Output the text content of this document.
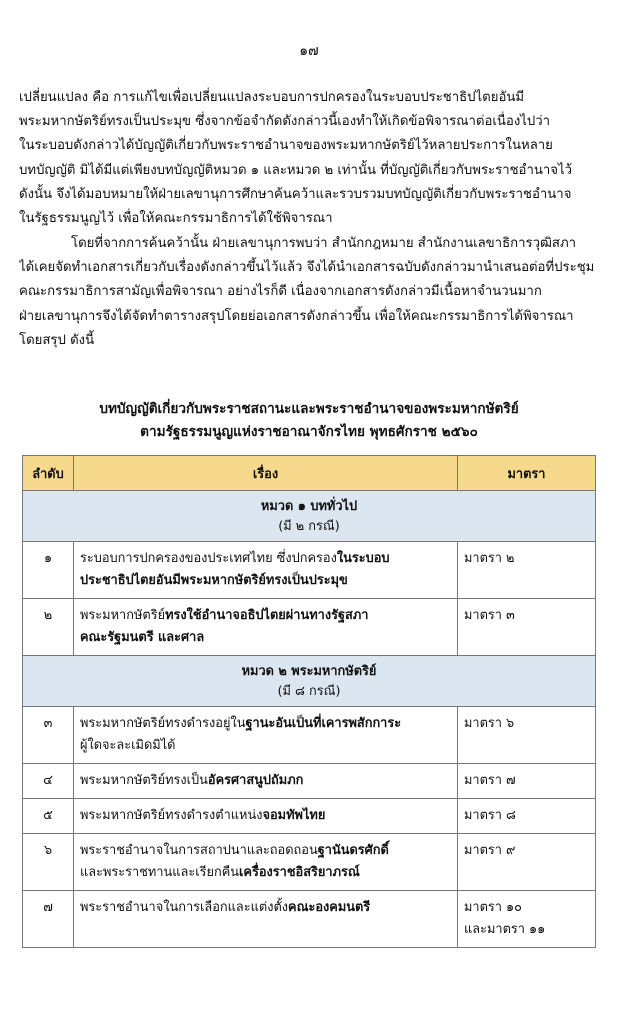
๑๗
เปลี่ยนแปลง คือ การแก้ไขเพื่อเปลี่ยนแปลงระบอบการปกครองในระบอบประชาธิปไตยอันมี
พระมหากษัตริย์ทรงเป็นประมุข ซึ่งจากข้อจำกัดดังกล่าวนี้เองทำให้เกิดข้อพิจารณาต่อเนื่องไปว่า
ในระบอบดังกล่าวได้บัญญัติเกี่ยวกับพระราชอำนาจของพระมหากษัตริย์ไว้หลายประการในหลาย
บทบัญญัติ มิได้มีแต่เพียงบทบัญญัติหมวด ๑ และหมวด ๒ เท่านั้น ที่บัญญัติเกี่ยวกับพระราชอำนาจไว้
ดังนั้น จึงได้มอบหมายให้ฝ่ายเลขานุการศึกษาค้นคว้าและรวบรวมบทบัญญัติเกี่ยวกับพระราชอำนาจ
ในรัฐธรรมนูญไว้ เพื่อให้คณะกรรมาธิการได้ใช้พิจารณา
โดยที่จากการค้นคว้านั้น ฝ่ายเลขานุการพบว่า สำนักกฎหมาย สำนักงานเลขาธิการวุฒิสภา
ได้เคยจัดทำเอกสารเกี่ยวกับเรื่องดังกล่าวขึ้นไว้แล้ว จึงได้นำเอกสารฉบับดังกล่าวมานำเสนอต่อที่ประชุม
คณะกรรมาธิการสามัญเพื่อพิจารณา อย่างไรก็ดี เนื่องจากเอกสารดังกล่าวมีเนื้อหาจำนวนมาก
ฝ่ายเลขานุการจึงได้จัดทำตารางสรุปโดยย่อเอกสารดังกล่าวขึ้น เพื่อให้คณะกรรมาธิการได้พิจารณา
โดยสรุป ดังนี้
บทบัญญัติเกี่ยวกับพระราชสถานะและพระราชอำนาจของพระมหากษัตริย์
ตามรัฐธรรมนูญแห่งราชอาณาจักรไทย พุทธศักราช ๒๕๖๐
ลำดับ	เรื่อง	มาตรา

หมวด ๑ บททั่วไป
(มี ๒ กรณี)		

๑	ระบอบการปกครองของประเทศไทย ซึ่งปกครองในระบอบ
ประชาธิปไตยอันมีพระมหากษัตริย์ทรงเป็นประมุข	มาตรา ๒
๒	พระมหากษัตริย์ทรงใช้อำนาจอธิปไตยผ่านทางรัฐสภา
คณะรัฐมนตรี และศาล	มาตรา ๓

หมวด ๒ พระมหากษัตริย์
(มี ๘ กรณี)		

๓	พระมหากษัตริย์ทรงดำรงอยู่ในฐานะอันเป็นที่เคารพสักการะ
ผู้ใดจะละเมิดมิได้	มาตรา ๖
๔	พระมหากษัตริย์ทรงเป็นอัครศาสนูปถัมภก	มาตรา ๗
๕	พระมหากษัตริย์ทรงดำรงตำแหน่งจอมทัพไทย	มาตรา ๘
๖	พระราชอำนาจในการสถาปนาและถอดถอนฐานันดรศักดิ์
และพระราชทานและเรียกคืนเครื่องราชอิสริยาภรณ์	มาตรา ๙
๗	พระราชอำนาจในการเลือกและแต่งตั้งคณะองคมนตรี	มาตรา ๑๐
และมาตรา ๑๑
